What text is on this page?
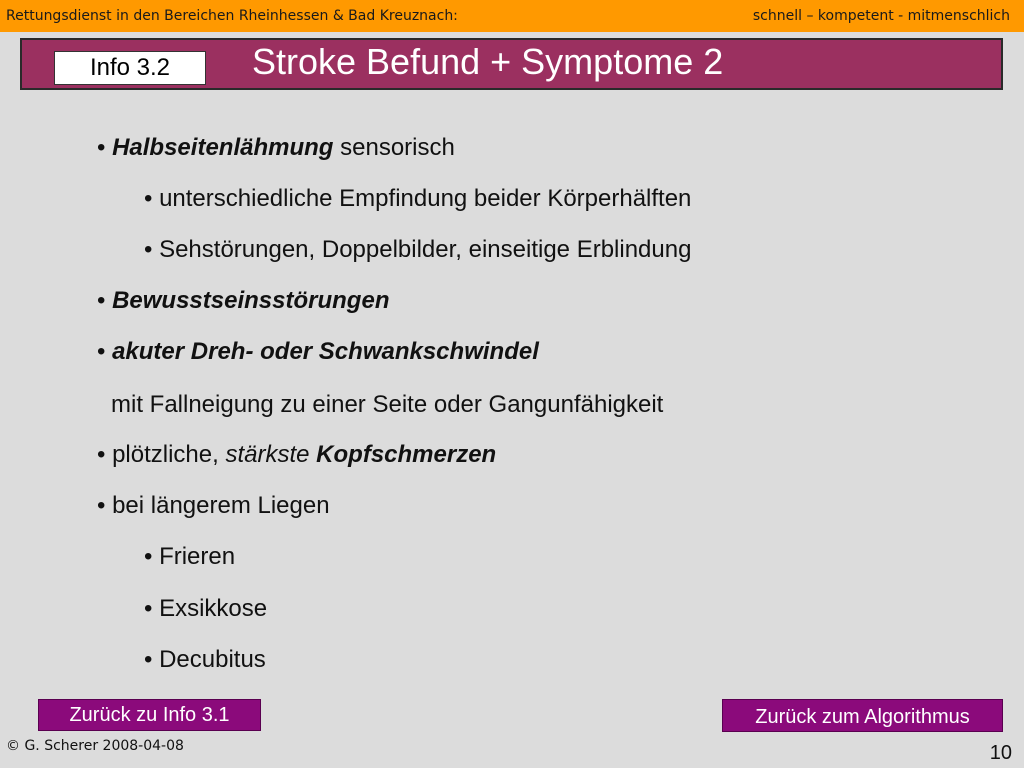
Rettungsdienst in den Bereichen Rheinhessen & Bad Kreuznach:	schnell – kompetent - mitmenschlich
Info 3.2	Stroke Befund + Symptome 2
• Halbseitenlähmung sensorisch
• unterschiedliche Empfindung beider Körperhälften
• Sehstörungen, Doppelbilder, einseitige Erblindung
• Bewusstseinsstörungen
• akuter Dreh- oder Schwankschwindel
mit Fallneigung zu einer Seite oder Gangunfähigkeit
• plötzliche, stärkste Kopfschmerzen
• bei längerem Liegen
• Frieren
• Exsikkose
• Decubitus
Zurück zu Info 3.1	Zurück zum Algorithmus
© G. Scherer 2008-04-08	10
